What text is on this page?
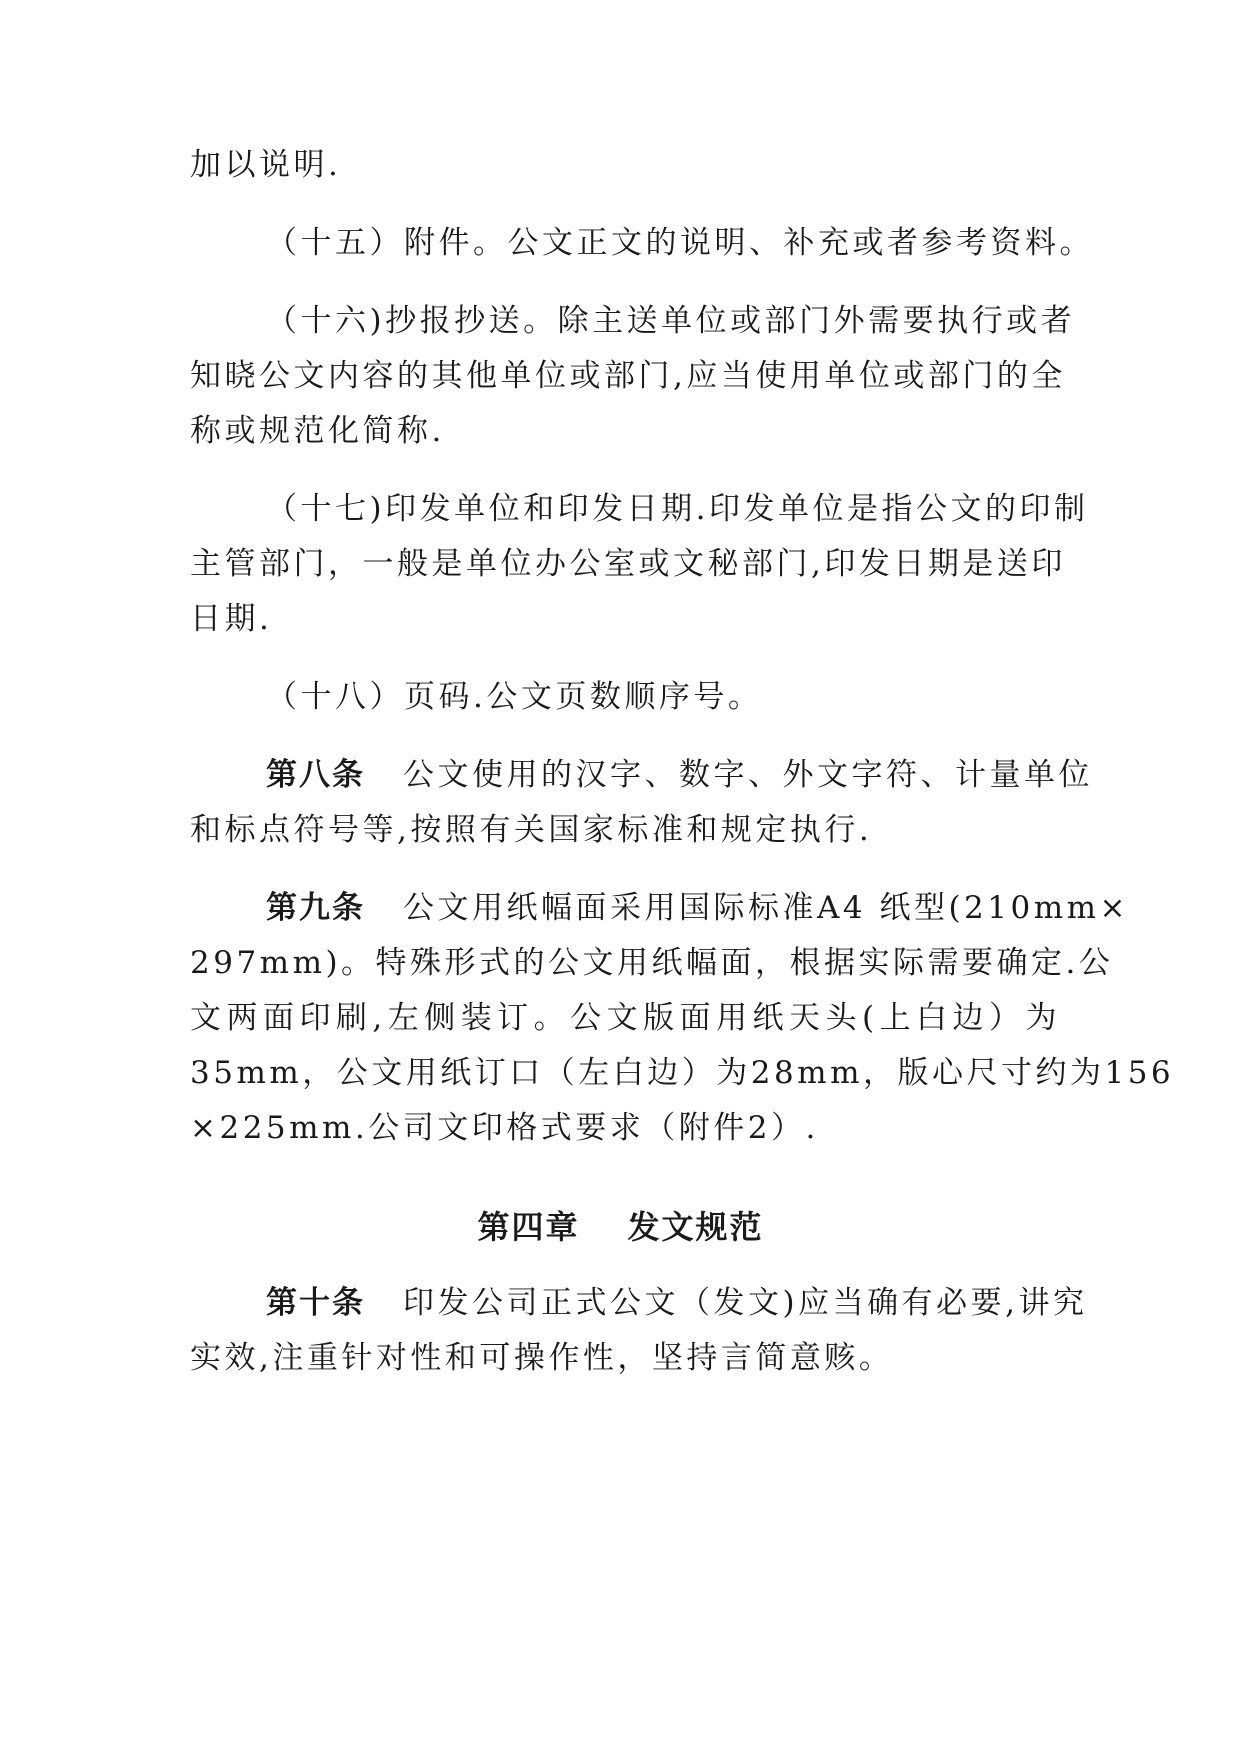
加以说明.
（十五）附件。公文正文的说明、补充或者参考资料。
（十六)抄报抄送。除主送单位或部门外需要执行或者
知晓公文内容的其他单位或部门,应当使用单位或部门的全
称或规范化简称.
（十七)印发单位和印发日期.印发单位是指公文的印制
主管部门，一般是单位办公室或文秘部门,印发日期是送印
日期.
（十八）页码.公文页数顺序号。
第八条 公文使用的汉字、数字、外文字符、计量单位
和标点符号等,按照有关国家标准和规定执行.
第九条 公文用纸幅面采用国际标准A4 纸型(210mm×
297mm)。特殊形式的公文用纸幅面，根据实际需要确定.公
文两面印刷,左侧装订。公文版面用纸天头(上白边）为
35mm，公文用纸订口（左白边）为28mm，版心尺寸约为156
×225mm.公司文印格式要求（附件2）.
第四章 发文规范
第十条 印发公司正式公文（发文)应当确有必要,讲究
实效,注重针对性和可操作性，坚持言简意赅。
